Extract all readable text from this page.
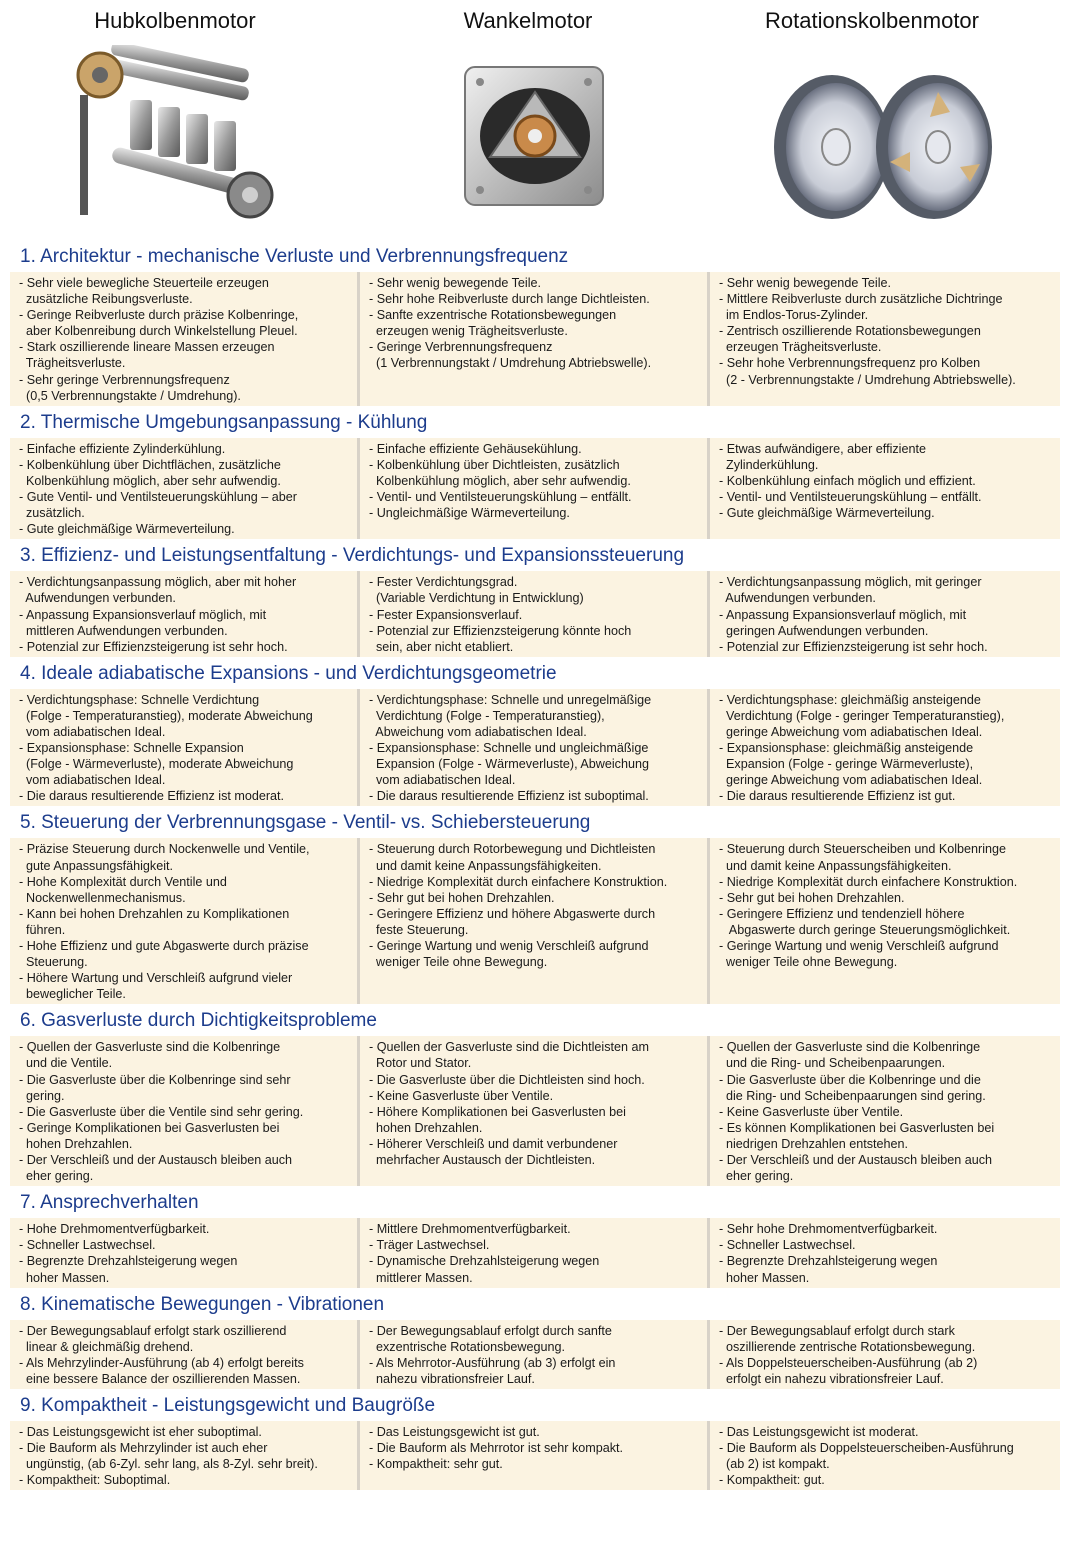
Hubkolbenmotor	Wankelmotor	Rotationskolbenmotor
1. Architektur - mechanische Verluste und Verbrennungsfrequenz
- Sehr viele bewegliche Steuerteile erzeugen
zusätzliche Reibungsverluste.
- Geringe Reibverluste durch präzise Kolbenringe,
aber Kolbenreibung durch Winkelstellung Pleuel.
- Stark oszillierende lineare Massen erzeugen
Trägheitsverluste.
- Sehr geringe Verbrennungsfrequenz
(0,5 Verbrennungstakte / Umdrehung).
- Sehr wenig bewegende Teile.
- Sehr hohe Reibverluste durch lange Dichtleisten.
- Sanfte exzentrische Rotationsbewegungen
erzeugen wenig Trägheitsverluste.
- Geringe Verbrennungsfrequenz
(1 Verbrennungstakt / Umdrehung Abtriebswelle).
- Sehr wenig bewegende Teile.
- Mittlere Reibverluste durch zusätzliche Dichtringe
im Endlos-Torus-Zylinder.
- Zentrisch oszillierende Rotationsbewegungen
erzeugen Trägheitsverluste.
- Sehr hohe Verbrennungsfrequenz pro Kolben
(2 - Verbrennungstakte / Umdrehung Abtriebswelle).
2. Thermische Umgebungsanpassung - Kühlung
- Einfache effiziente Zylinderkühlung.
- Kolbenkühlung über Dichtflächen, zusätzliche
Kolbenkühlung möglich, aber sehr aufwendig.
- Gute Ventil- und Ventilsteuerungskühlung – aber
zusätzlich.
- Gute gleichmäßige Wärmeverteilung.
- Einfache effiziente Gehäusekühlung.
- Kolbenkühlung über Dichtleisten, zusätzlich
Kolbenkühlung möglich, aber sehr aufwendig.
- Ventil- und Ventilsteuerungskühlung – entfällt.
- Ungleichmäßige Wärmeverteilung.
- Etwas aufwändigere, aber effiziente
Zylinderkühlung.
- Kolbenkühlung einfach möglich und effizient.
- Ventil- und Ventilsteuerungskühlung – entfällt.
- Gute gleichmäßige Wärmeverteilung.
3. Effizienz- und Leistungsentfaltung - Verdichtungs- und Expansionssteuerung
- Verdichtungsanpassung möglich, aber mit hoher
Aufwendungen verbunden.
- Anpassung Expansionsverlauf möglich, mit
mittleren Aufwendungen verbunden.
- Potenzial zur Effizienzsteigerung ist sehr hoch.
- Fester Verdichtungsgrad.
(Variable Verdichtung in Entwicklung)
- Fester Expansionsverlauf.
- Potenzial zur Effizienzsteigerung könnte hoch
sein, aber nicht etabliert.
- Verdichtungsanpassung möglich, mit geringer
Aufwendungen verbunden.
- Anpassung Expansionsverlauf möglich, mit
geringen Aufwendungen verbunden.
- Potenzial zur Effizienzsteigerung ist sehr hoch.
4. Ideale adiabatische Expansions - und Verdichtungsgeometrie
- Verdichtungsphase: Schnelle Verdichtung
(Folge - Temperaturanstieg), moderate Abweichung
vom adiabatischen Ideal.
- Expansionsphase: Schnelle Expansion
(Folge - Wärmeverluste), moderate Abweichung
vom adiabatischen Ideal.
- Die daraus resultierende Effizienz ist moderat.
- Verdichtungsphase: Schnelle und unregelmäßige
Verdichtung (Folge - Temperaturanstieg),
Abweichung vom adiabatischen Ideal.
- Expansionsphase: Schnelle und ungleichmäßige
Expansion (Folge - Wärmeverluste), Abweichung
vom adiabatischen Ideal.
- Die daraus resultierende Effizienz ist suboptimal.
- Verdichtungsphase: gleichmäßig ansteigende
Verdichtung (Folge - geringer Temperaturanstieg),
geringe Abweichung vom adiabatischen Ideal.
- Expansionsphase: gleichmäßig ansteigende
Expansion (Folge - geringe Wärmeverluste),
geringe Abweichung vom adiabatischen Ideal.
- Die daraus resultierende Effizienz ist gut.
5. Steuerung der Verbrennungsgase - Ventil- vs. Schiebersteuerung
- Präzise Steuerung durch Nockenwelle und Ventile,
gute Anpassungsfähigkeit.
- Hohe Komplexität durch Ventile und
Nockenwellenmechanismus.
- Kann bei hohen Drehzahlen zu Komplikationen
führen.
- Hohe Effizienz und gute Abgaswerte durch präzise
Steuerung.
- Höhere Wartung und Verschleiß aufgrund vieler
beweglicher Teile.
- Steuerung durch Rotorbewegung und Dichtleisten
und damit keine Anpassungsfähigkeiten.
- Niedrige Komplexität durch einfachere Konstruktion.
- Sehr gut bei hohen Drehzahlen.
- Geringere Effizienz und höhere Abgaswerte durch
feste Steuerung.
- Geringe Wartung und wenig Verschleiß aufgrund
weniger Teile ohne Bewegung.
- Steuerung durch Steuerscheiben und Kolbenringe
und damit keine Anpassungsfähigkeiten.
- Niedrige Komplexität durch einfachere Konstruktion.
- Sehr gut bei hohen Drehzahlen.
- Geringere Effizienz und tendenziell höhere
Abgaswerte durch geringe Steuerungsmöglichkeit.
- Geringe Wartung und wenig Verschleiß aufgrund
weniger Teile ohne Bewegung.
6. Gasverluste durch Dichtigkeitsprobleme
- Quellen der Gasverluste sind die Kolbenringe
und die Ventile.
- Die Gasverluste über die Kolbenringe sind sehr
gering.
- Die Gasverluste über die Ventile sind sehr gering.
- Geringe Komplikationen bei Gasverlusten bei
hohen Drehzahlen.
- Der Verschleiß und der Austausch bleiben auch
eher gering.
- Quellen der Gasverluste sind die Dichtleisten am
Rotor und Stator.
- Die Gasverluste über die Dichtleisten sind hoch.
- Keine Gasverluste über Ventile.
- Höhere Komplikationen bei Gasverlusten bei
hohen Drehzahlen.
- Höherer Verschleiß und damit verbundener
mehrfacher Austausch der Dichtleisten.
- Quellen der Gasverluste sind die Kolbenringe
und die Ring- und Scheibenpaarungen.
- Die Gasverluste über die Kolbenringe und die
die Ring- und Scheibenpaarungen sind gering.
- Keine Gasverluste über Ventile.
- Es können Komplikationen bei Gasverlusten bei
niedrigen Drehzahlen entstehen.
- Der Verschleiß und der Austausch bleiben auch
eher gering.
7. Ansprechverhalten
- Hohe Drehmomentverfügbarkeit.
- Schneller Lastwechsel.
- Begrenzte Drehzahlsteigerung wegen
hoher Massen.
- Mittlere Drehmomentverfügbarkeit.
- Träger Lastwechsel.
- Dynamische Drehzahlsteigerung wegen
mittlerer Massen.
- Sehr hohe Drehmomentverfügbarkeit.
- Schneller Lastwechsel.
- Begrenzte Drehzahlsteigerung wegen
hoher Massen.
8. Kinematische Bewegungen - Vibrationen
- Der Bewegungsablauf erfolgt stark oszillierend
linear & gleichmäßig drehend.
- Als Mehrzylinder-Ausführung (ab 4) erfolgt bereits
eine bessere Balance der oszillierenden Massen.
- Der Bewegungsablauf erfolgt durch sanfte
exzentrische Rotationsbewegung.
- Als Mehrrotor-Ausführung (ab 3) erfolgt ein
nahezu vibrationsfreier Lauf.
- Der Bewegungsablauf erfolgt durch stark
oszillierende zentrische Rotationsbewegung.
- Als Doppelsteuerscheiben-Ausführung (ab 2)
erfolgt ein nahezu vibrationsfreier Lauf.
9. Kompaktheit - Leistungsgewicht und Baugröße
- Das Leistungsgewicht ist eher suboptimal.
- Die Bauform als Mehrzylinder ist auch eher
ungünstig, (ab 6-Zyl. sehr lang, als 8-Zyl. sehr breit).
- Kompaktheit: Suboptimal.
- Das Leistungsgewicht ist gut.
- Die Bauform als Mehrrotor ist sehr kompakt.
- Kompaktheit: sehr gut.
- Das Leistungsgewicht ist moderat.
- Die Bauform als Doppelsteuerscheiben-Ausführung
(ab 2) ist kompakt.
- Kompaktheit: gut.
